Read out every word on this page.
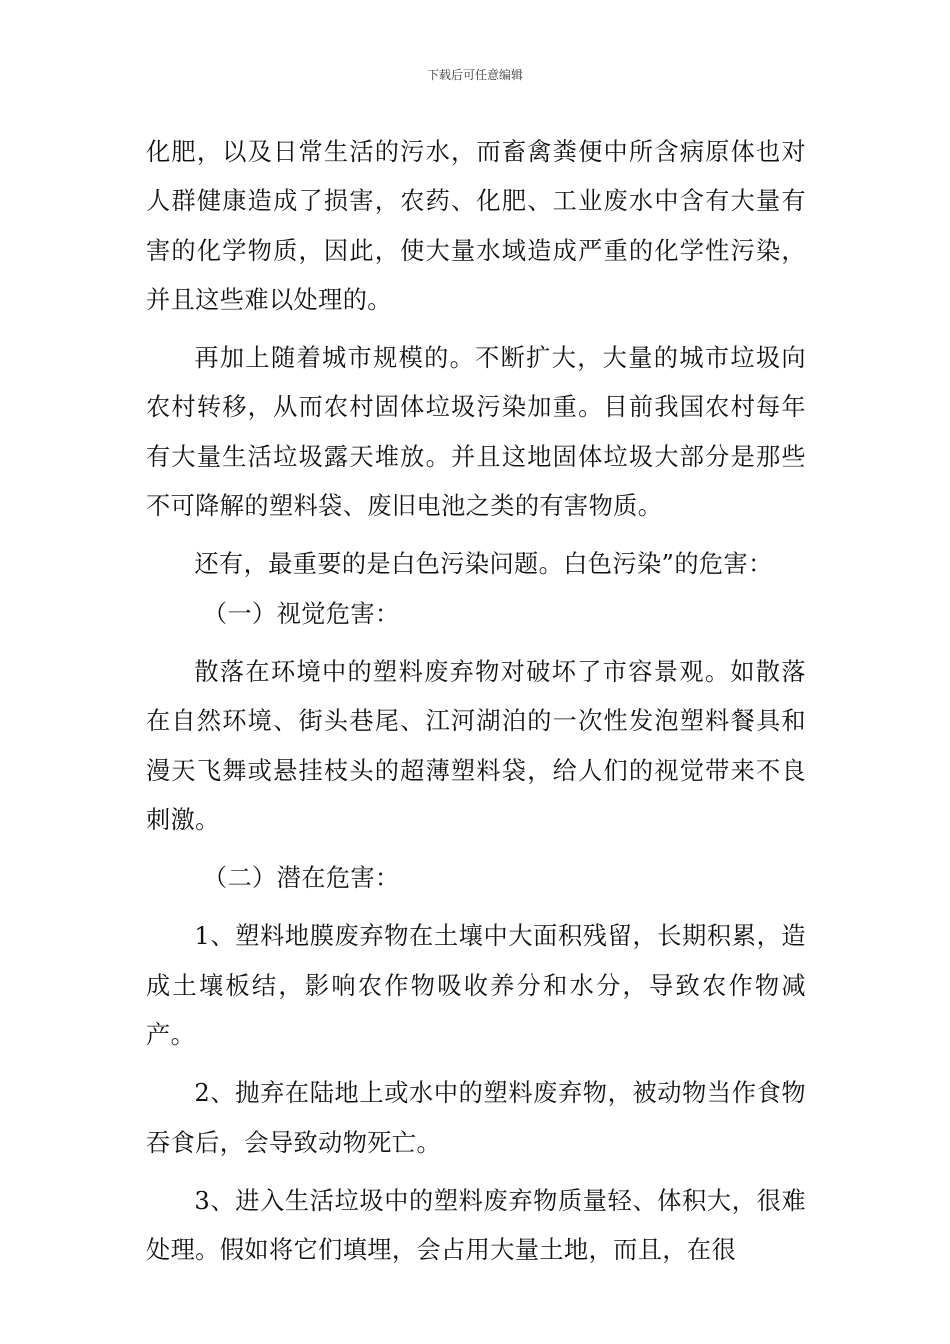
下载后可任意编辑

化肥，以及日常生活的污水，而畜禽粪便中所含病原体也对人群健康造成了损害，农药、化肥、工业废水中含有大量有害的化学物质，因此，使大量水域造成严重的化学性污染，并且这些难以处理的。

再加上随着城市规模的。不断扩大，大量的城市垃圾向农村转移，从而农村固体垃圾污染加重。目前我国农村每年有大量生活垃圾露天堆放。并且这地固体垃圾大部分是那些不可降解的塑料袋、废旧电池之类的有害物质。

还有，最重要的是白色污染问题。白色污染”的危害：

（一）视觉危害：

散落在环境中的塑料废弃物对破坏了市容景观。如散落在自然环境、街头巷尾、江河湖泊的一次性发泡塑料餐具和漫天飞舞或悬挂枝头的超薄塑料袋，给人们的视觉带来不良刺激。

（二）潜在危害：

1、塑料地膜废弃物在土壤中大面积残留，长期积累，造成土壤板结，影响农作物吸收养分和水分，导致农作物减产。

2、抛弃在陆地上或水中的塑料废弃物，被动物当作食物吞食后，会导致动物死亡。

3、进入生活垃圾中的塑料废弃物质量轻、体积大，很难处理。假如将它们填埋，会占用大量土地，而且，在很
